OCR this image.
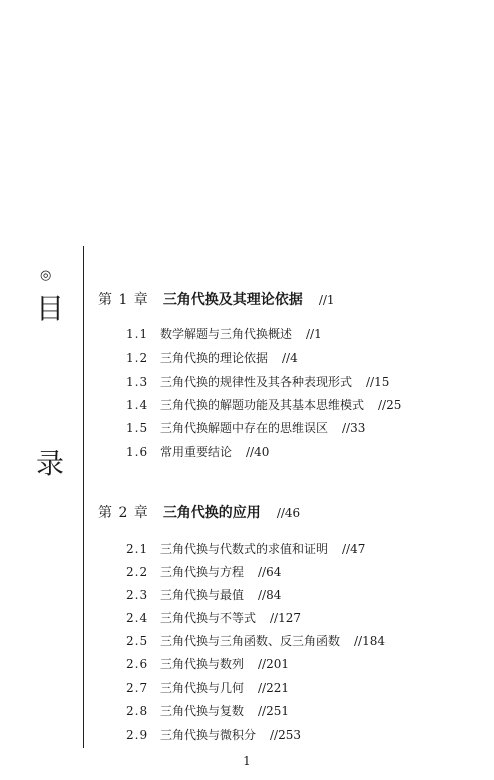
◎
目
录
第 1 章 三角代换及其理论依据 //1
1.1 数学解题与三角代换概述 //1
1.2 三角代换的理论依据 //4
1.3 三角代换的规律性及其各种表现形式 //15
1.4 三角代换的解题功能及其基本思维模式 //25
1.5 三角代换解题中存在的思维误区 //33
1.6 常用重要结论 //40
第 2 章 三角代换的应用 //46
2.1 三角代换与代数式的求值和证明 //47
2.2 三角代换与方程 //64
2.3 三角代换与最值 //84
2.4 三角代换与不等式 //127
2.5 三角代换与三角函数、反三角函数 //184
2.6 三角代换与数列 //201
2.7 三角代换与几何 //221
2.8 三角代换与复数 //251
2.9 三角代换与微积分 //253
1
